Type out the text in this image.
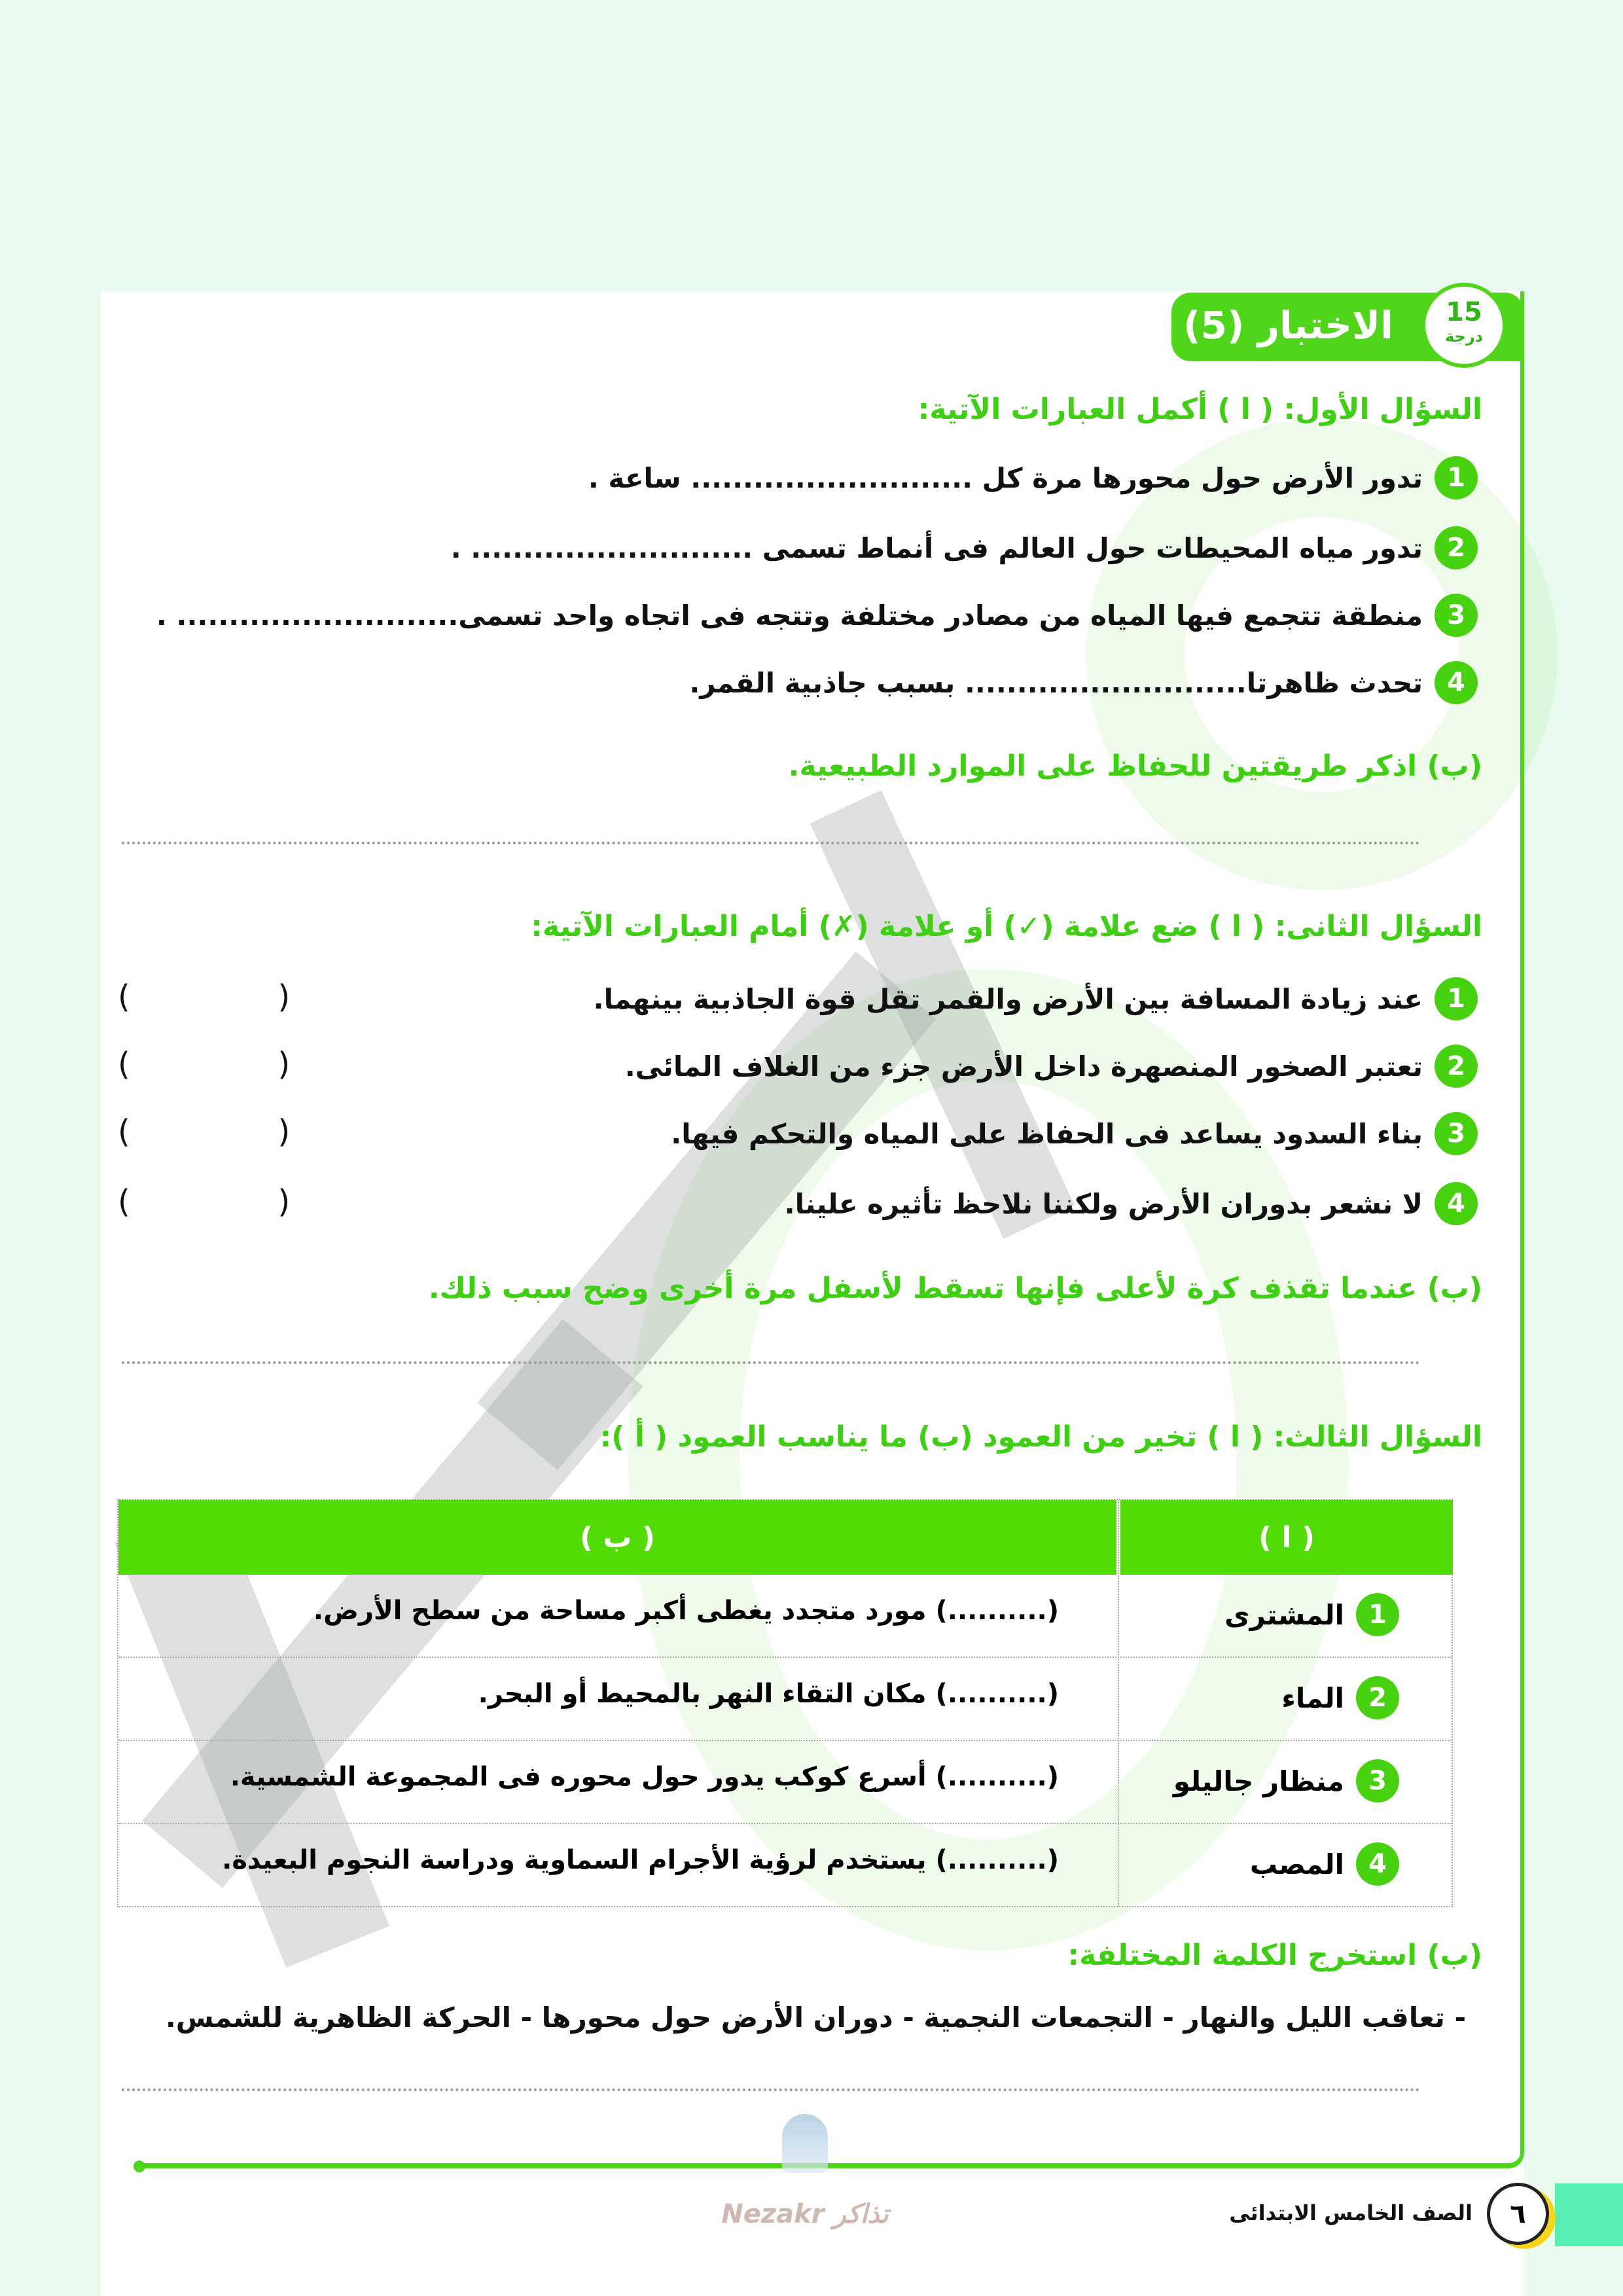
الاختبار (5)	15
درجة
السؤال الأول: ( ا ) أكمل العبارات الآتية:
1
تدور الأرض حول محورها مرة كل ........................... ساعة .
2
تدور مياه المحيطات حول العالم فى أنماط تسمى ........................... .
3
منطقة تتجمع فيها المياه من مصادر مختلفة وتتجه فى اتجاه واحد تسمى........................... .
4
تحدث ظاهرتا........................... بسبب جاذبية القمر.
(ب) اذكر طريقتين للحفاظ على الموارد الطبيعية.
السؤال الثانى: ( ا ) ضع علامة (✓) أو علامة (✗) أمام العبارات الآتية:
1
عند زيادة المسافة بين الأرض والقمر تقل قوة الجاذبية بينهما.
(   )
2
تعتبر الصخور المنصهرة داخل الأرض جزء من الغلاف المائى.
(   )
3
بناء السدود يساعد فى الحفاظ على المياه والتحكم فيها.
(   )
4
لا نشعر بدوران الأرض ولكننا نلاحظ تأثيره علينا.
(   )
(ب) عندما تقذف كرة لأعلى فإنها تسقط لأسفل مرة أخرى وضح سبب ذلك.
السؤال الثالث: ( ا ) تخير من العمود (ب) ما يناسب العمود ( أ ):
( ا )
( ب )
1
المشترى
(..........) مورد متجدد يغطى أكبر مساحة من سطح الأرض.
2
الماء
(..........) مكان التقاء النهر بالمحيط أو البحر.
3
منظار جاليلو
(..........) أسرع كوكب يدور حول محوره فى المجموعة الشمسية.
4
المصب
(..........) يستخدم لرؤية الأجرام السماوية ودراسة النجوم البعيدة.
(ب) استخرج الكلمة المختلفة:
- تعاقب الليل والنهار - التجمعات النجمية - دوران الأرض حول محورها - الحركة الظاهرية للشمس.
Nezakr تذاكر	٦
الصف الخامس الابتدائى
